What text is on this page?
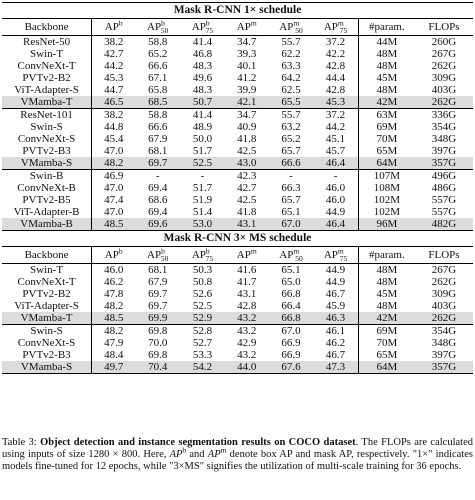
Mask R-CNN 1× schedule								
Backbone	$AP^b$	$AP^b_{50}$	$AP^b_{75}$	$AP^m$	$AP^m_{50}$	$AP^m_{75}$	#param.	FLOPs
ResNet-50	38.2	58.8	41.4	34.7	55.7	37.2	44M	260G
Swin-T	42.7	65.2	46.8	39.3	62.2	42.2	48M	267G
ConvNeXt-T	44.2	66.6	48.3	40.1	63.3	42.8	48M	262G
PVTv2-B2	45.3	67.1	49.6	41.2	64.2	44.4	45M	309G
ViT-Adapter-S	44.7	65.8	48.3	39.9	62.5	42.8	48M	403G
VMamba-T	46.5	68.5	50.7	42.1	65.5	45.3	42M	262G
ResNet-101	38.2	58.8	41.4	34.7	55.7	37.2	63M	336G
Swin-S	44.8	66.6	48.9	40.9	63.2	44.2	69M	354G
ConvNeXt-S	45.4	67.9	50.0	41.8	65.2	45.1	70M	348G
PVTv2-B3	47.0	68.1	51.7	42.5	65.7	45.7	65M	397G
VMamba-S	48.2	69.7	52.5	43.0	66.6	46.4	64M	357G
Swin-B	46.9	-	-	42.3	-	-	107M	496G
ConvNeXt-B	47.0	69.4	51.7	42.7	66.3	46.0	108M	486G
PVTv2-B5	47.4	68.6	51.9	42.5	65.7	46.0	102M	557G
ViT-Adapter-B	47.0	69.4	51.4	41.8	65.1	44.9	102M	557G
VMamba-B	48.5	69.6	53.0	43.1	67.0	46.4	96M	482G
Mask R-CNN 3× MS schedule								
Backbone	$AP^b$	$AP^b_{50}$	$AP^b_{75}$	$AP^m$	$AP^m_{50}$	$AP^m_{75}$	#param.	FLOPs
Swin-T	46.0	68.1	50.3	41.6	65.1	44.9	48M	267G
ConvNeXt-T	46.2	67.9	50.8	41.7	65.0	44.9	48M	262G
PVTv2-B2	47.8	69.7	52.6	43.1	66.8	46.7	45M	309G
ViT-Adapter-S	48.2	69.7	52.5	42.8	66.4	45.9	48M	403G
VMamba-T	48.5	69.9	52.9	43.2	66.8	46.3	42M	262G
Swin-S	48.2	69.8	52.8	43.2	67.0	46.1	69M	354G
ConvNeXt-S	47.9	70.0	52.7	42.9	66.9	46.2	70M	348G
PVTv2-B3	48.4	69.8	53.3	43.2	66.9	46.7	65M	397G
VMamba-S	49.7	70.4	54.2	44.0	67.6	47.3	64M	357G
Table 3: Object detection and instance segmentation results on COCO dataset. The FLOPs are calculated using inputs of size 1280 × 800. Here, $AP^b$ and $AP^m$ denote box AP and mask AP, respectively. "1×" indicates models fine-tuned for 12 epochs, while "3×MS" signifies the utilization of multi-scale training for 36 epochs.
